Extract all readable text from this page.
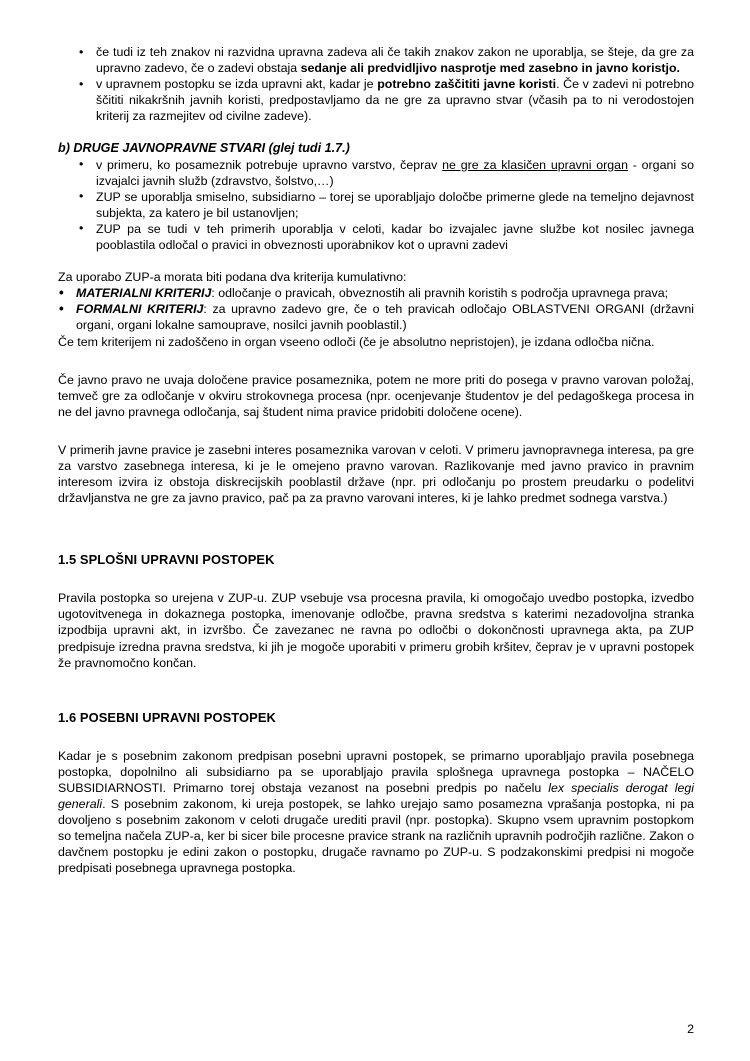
• če tudi iz teh znakov ni razvidna upravna zadeva ali če takih znakov zakon ne uporablja, se šteje, da gre za upravno zadevo, če o zadevi obstaja sedanje ali predvidljivo nasprotje med zasebno in javno koristjo.
• v upravnem postopku se izda upravni akt, kadar je potrebno zaščititi javne koristi. Če v zadevi ni potrebno ščititi nikakršnih javnih koristi, predpostavljamo da ne gre za upravno stvar (včasih pa to ni verodostojen kriterij za razmejitev od civilne zadeve).

b) DRUGE JAVNOPRAVNE STVARI (glej tudi 1.7.)

• v primeru, ko posameznik potrebuje upravno varstvo, čeprav ne gre za klasičen upravni organ - organi so izvajalci javnih služb (zdravstvo, šolstvo,…)
• ZUP se uporablja smiselno, subsidiarno – torej se uporabljajo določbe primerne glede na temeljno dejavnost subjekta, za katero je bil ustanovljen;
• ZUP pa se tudi v teh primerih uporablja v celoti, kadar bo izvajalec javne službe kot nosilec javnega pooblastila odločal o pravici in obveznosti uporabnikov kot o upravni zadevi

Za uporabo ZUP-a morata biti podana dva kriterija kumulativno:

• MATERIALNI KRITERIJ: odločanje o pravicah, obveznostih ali pravnih koristih s področja upravnega prava;
• FORMALNI KRITERIJ: za upravno zadevo gre, če o teh pravicah odločajo OBLASTVENI ORGANI (državni organi, organi lokalne samouprave, nosilci javnih pooblastil.)

Če tem kriterijem ni zadoščeno in organ vseeno odloči (če je absolutno nepristojen), je izdana odločba nična.

Če javno pravo ne uvaja določene pravice posameznika, potem ne more priti do posega v pravno varovan položaj, temveč gre za odločanje v okviru strokovnega procesa (npr. ocenjevanje študentov je del pedagoškega procesa in ne del javno pravnega odločanja, saj študent nima pravice pridobiti določene ocene).

V primerih javne pravice je zasebni interes posameznika varovan v celoti. V primeru javnopravnega interesa, pa gre za varstvo zasebnega interesa, ki je le omejeno pravno varovan. Razlikovanje med javno pravico in pravnim interesom izvira iz obstoja diskrecijskih pooblastil države (npr. pri odločanju po prostem preudarku o podelitvi državljanstva ne gre za javno pravico, pač pa za pravno varovani interes, ki je lahko predmet sodnega varstva.)

1.5 SPLOŠNI UPRAVNI POSTOPEK

Pravila postopka so urejena v ZUP-u. ZUP vsebuje vsa procesna pravila, ki omogočajo uvedbo postopka, izvedbo ugotovitvenega in dokaznega postopka, imenovanje odločbe, pravna sredstva s katerimi nezadovoljna stranka izpodbija upravni akt, in izvršbo. Če zavezanec ne ravna po odločbi o dokončnosti upravnega akta, pa ZUP predpisuje izredna pravna sredstva, ki jih je mogoče uporabiti v primeru grobih kršitev, čeprav je v upravni postopek že pravnomočno končan.

1.6 POSEBNI UPRAVNI POSTOPEK

Kadar je s posebnim zakonom predpisan posebni upravni postopek, se primarno uporabljajo pravila posebnega postopka, dopolnilno ali subsidiarno pa se uporabljajo pravila splošnega upravnega postopka – NAČELO SUBSIDIARNOSTI. Primarno torej obstaja vezanost na posebni predpis po načelu lex specialis derogat legi generali. S posebnim zakonom, ki ureja postopek, se lahko urejajo samo posamezna vprašanja postopka, ni pa dovoljeno s posebnim zakonom v celoti drugače urediti pravil (npr. postopka). Skupno vsem upravnim postopkom so temeljna načela ZUP-a, ker bi sicer bile procesne pravice strank na različnih upravnih področjih različne. Zakon o davčnem postopku je edini zakon o postopku, drugače ravnamo po ZUP-u. S podzakonskimi predpisi ni mogoče predpisati posebnega upravnega postopka.

2
